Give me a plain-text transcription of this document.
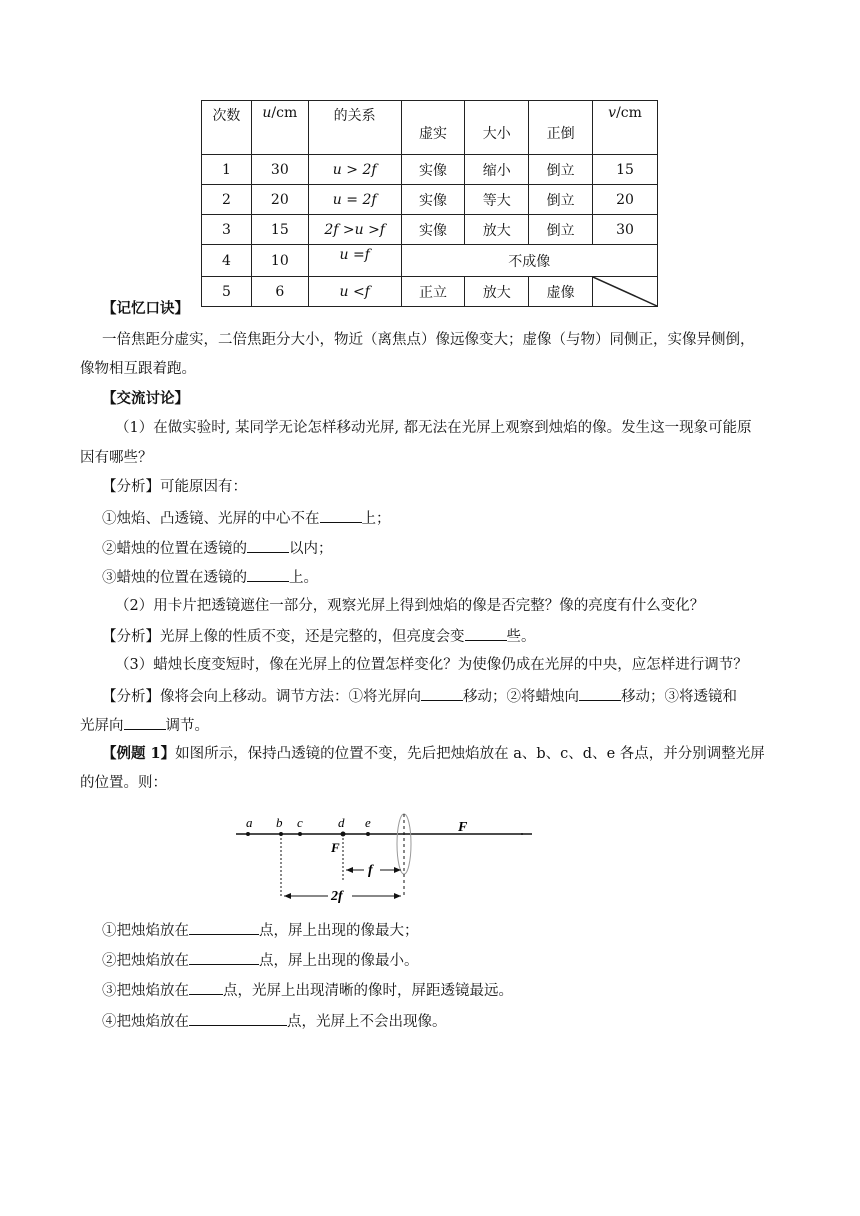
次数	u/cm	的关系	虚实	大小	正倒	v/cm
1	30	u > 2f	实像	缩小	倒立	15
2	20	u = 2f	实像	等大	倒立	20
3	15	2f >u >f	实像	放大	倒立	30
4	10	u =f	不成像			
5	6	u <f	正立	放大	虚像	
【记忆口诀】
一倍焦距分虚实，二倍焦距分大小，物近（离焦点）像远像变大；虚像（与物）同侧正，实像异侧倒，
像物相互跟着跑。
【交流讨论】
（1）在做实验时, 某同学无论怎样移动光屏, 都无法在光屏上观察到烛焰的像。发生这一现象可能原
因有哪些？
【分析】可能原因有：
①烛焰、凸透镜、光屏的中心不在	上；
②蜡烛的位置在透镜的	以内；
③蜡烛的位置在透镜的	上。
（2）用卡片把透镜遮住一部分，观察光屏上得到烛焰的像是否完整？像的亮度有什么变化？
【分析】光屏上像的性质不变，还是完整的，但亮度会变	些。
（3）蜡烛长度变短时，像在光屏上的位置怎样变化？为使像仍成在光屏的中央，应怎样进行调节？
【分析】像将会向上移动。调节方法：①将光屏向	移动；②将蜡烛向	移动；③将透镜和
光屏向	调节。
【例题 1】如图所示，保持凸透镜的位置不变，先后把烛焰放在 a、b、c、d、e 各点，并分别调整光屏
的位置。则：
a b c	d e
F
F
f
2f
①把烛焰放在	点，屏上出现的像最大；
②把烛焰放在	点，屏上出现的像最小。
③把烛焰放在 点，光屏上出现清晰的像时，屏距透镜最远。
④把烛焰放在	点，光屏上不会出现像。
